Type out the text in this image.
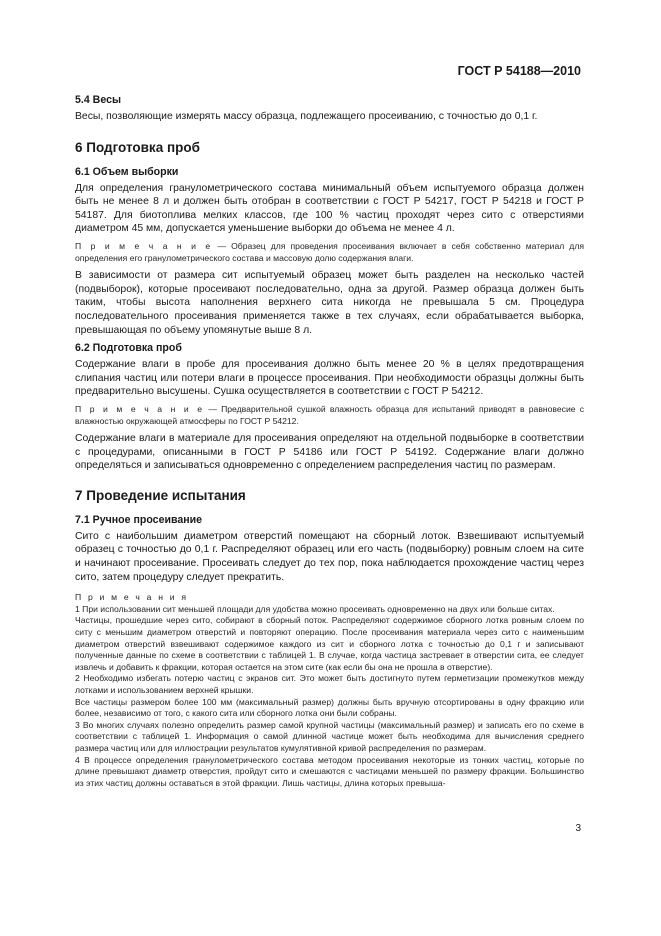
ГОСТ Р 54188—2010
5.4 Весы

Весы, позволяющие измерять массу образца, подлежащего просеиванию, с точностью до 0,1 г.

6 Подготовка проб
6.1 Объем выборки

Для определения гранулометрического состава минимальный объем испытуемого образца должен быть не менее 8 л и должен быть отобран в соответствии с ГОСТ Р 54217, ГОСТ Р 54218 и ГОСТ Р 54187. Для биотоплива мелких классов, где 100 % частиц проходят через сито с отверстиями диаметром 45 мм, допускается уменьшение выборки до объема не менее 4 л.

П р и м е ч а н и е — Образец для проведения просеивания включает в себя собственно материал для определения его гранулометрического состава и массовую долю содержания влаги.

В зависимости от размера сит испытуемый образец может быть разделен на несколько частей (подвыборок), которые просеивают последовательно, одна за другой. Размер образца должен быть таким, чтобы высота наполнения верхнего сита никогда не превышала 5 см. Процедура последовательного просеивания применяется также в тех случаях, если обрабатывается выборка, превышающая по объему упомянутые выше 8 л.

6.2 Подготовка проб

Содержание влаги в пробе для просеивания должно быть менее 20 % в целях предотвращения слипания частиц или потери влаги в процессе просеивания. При необходимости образцы должны быть предварительно высушены. Сушка осуществляется в соответствии с ГОСТ Р 54212.

П р и м е ч а н и е — Предварительной сушкой влажность образца для испытаний приводят в равновесие с влажностью окружающей атмосферы по ГОСТ Р 54212.

Содержание влаги в материале для просеивания определяют на отдельной подвыборке в соответствии с процедурами, описанными в ГОСТ Р 54186 или ГОСТ Р 54192. Содержание влаги должно определяться и записываться одновременно с определением распределения частиц по размерам.

7 Проведение испытания
7.1 Ручное просеивание

Сито с наибольшим диаметром отверстий помещают на сборный лоток. Взвешивают испытуемый образец с точностью до 0,1 г. Распределяют образец или его часть (подвыборку) ровным слоем на сите и начинают просеивание. Просеивать следует до тех пор, пока наблюдается прохождение частиц через сито, затем процедуру следует прекратить.

П р и м е ч а н и я

1 При использовании сит меньшей площади для удобства можно просеивать одновременно на двух или больше ситах.

Частицы, прошедшие через сито, собирают в сборный поток. Распределяют содержимое сборного лотка ровным слоем по ситу с меньшим диаметром отверстий и повторяют операцию. После просеивания материала через сито с наименьшим диаметром отверстий взвешивают содержимое каждого из сит и сборного лотка с точностью до 0,1 г и записывают полученные данные по схеме в соответствии с таблицей 1. В случае, когда частица застревает в отверстии сита, ее следует извлечь и добавить к фракции, которая остается на этом сите (как если бы она не прошла в отверстие).

2 Необходимо избегать потерю частиц с экранов сит. Это может быть достигнуто путем герметизации промежутков между лотками и использованием верхней крышки.

Все частицы размером более 100 мм (максимальный размер) должны быть вручную отсортированы в одну фракцию или более, независимо от того, с какого сита или сборного лотка они были собраны.

3 Во многих случаях полезно определить размер самой крупной частицы (максимальный размер) и записать его по схеме в соответствии с таблицей 1. Информация о самой длинной частице может быть необходима для вычисления среднего размера частиц или для иллюстрации результатов кумулятивной кривой распределения по размерам.

4 В процессе определения гранулометрического состава методом просеивания некоторые из тонких частиц, которые по длине превышают диаметр отверстия, пройдут сито и смешаются с частицами меньшей по размеру фракции. Большинство из этих частиц должны оставаться в этой фракции. Лишь частицы, длина которых превыша-

3
